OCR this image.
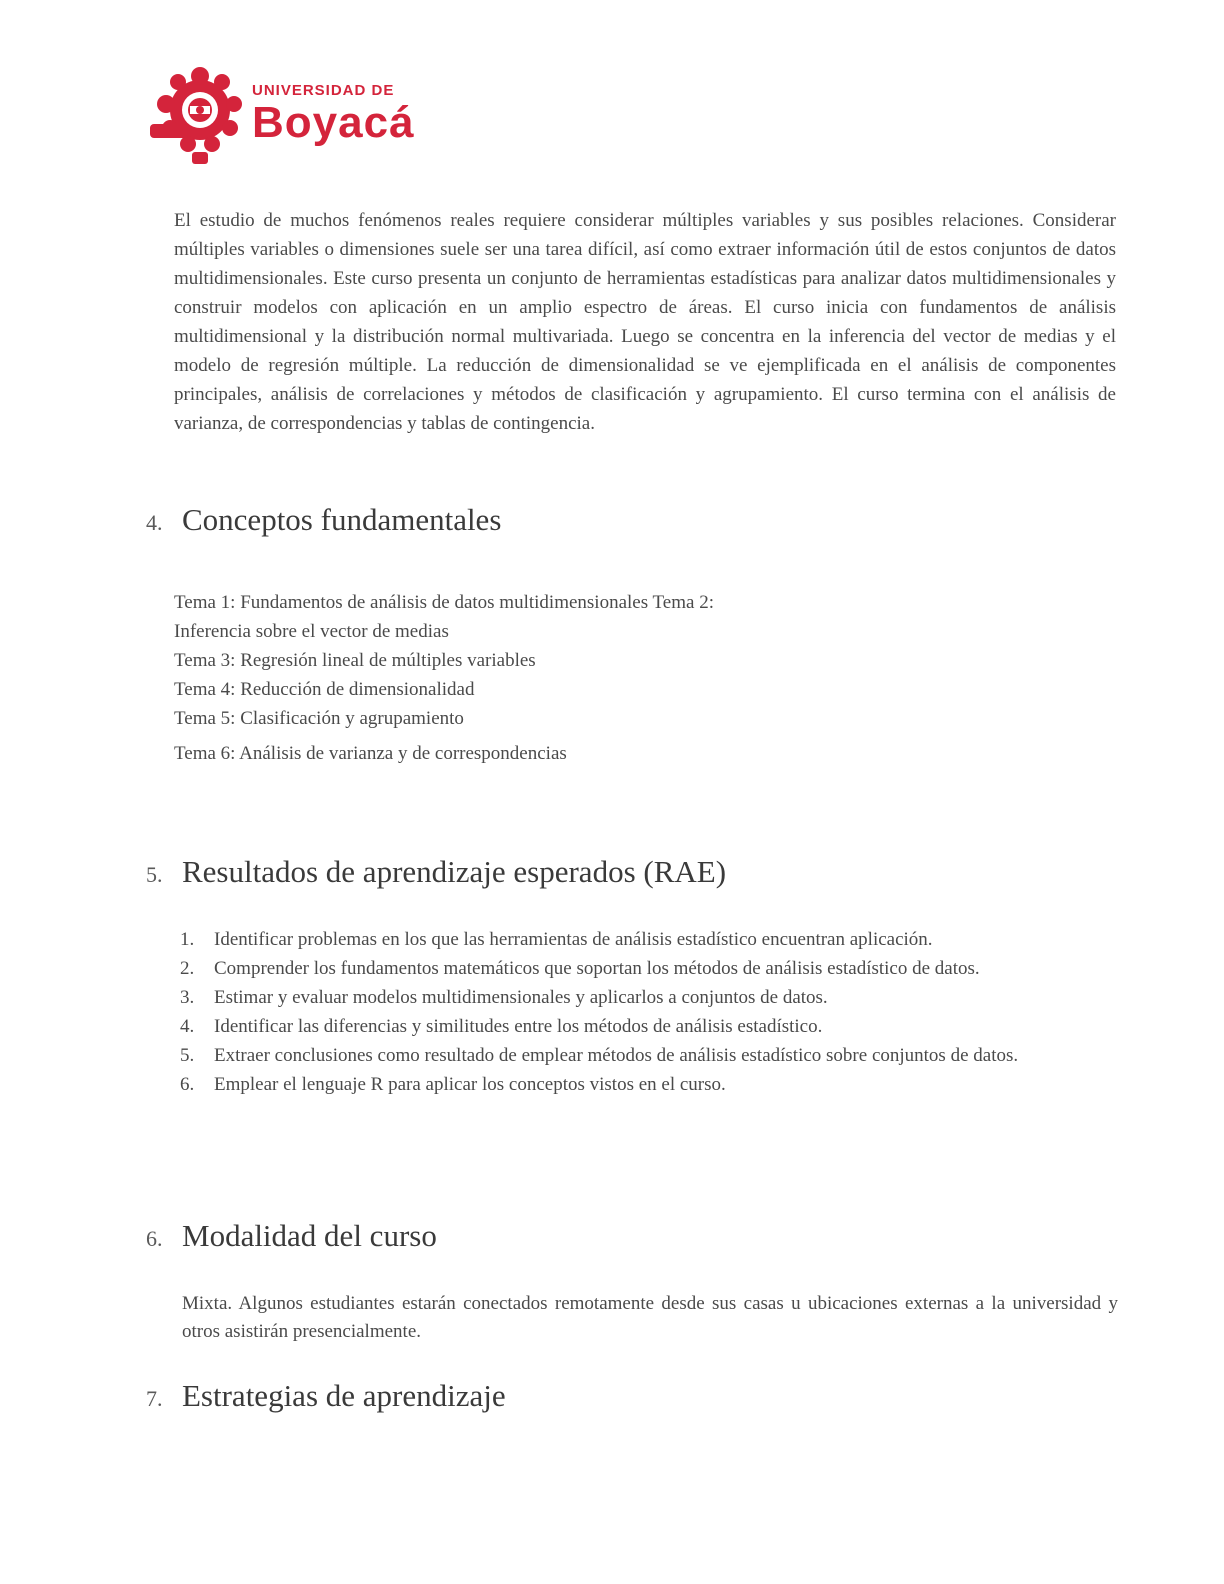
UNIVERSIDAD DE
Boyacá

El estudio de muchos fenómenos reales requiere considerar múltiples variables y sus posibles relaciones. Considerar múltiples variables o dimensiones suele ser una tarea difícil, así como extraer información útil de estos conjuntos de datos multidimensionales. Este curso presenta un conjunto de herramientas estadísticas para analizar datos multidimensionales y construir modelos con aplicación en un amplio espectro de áreas. El curso inicia con fundamentos de análisis multidimensional y la distribución normal multivariada. Luego se concentra en la inferencia del vector de medias y el modelo de regresión múltiple. La reducción de dimensionalidad se ve ejemplificada en el análisis de componentes principales, análisis de correlaciones y métodos de clasificación y agrupamiento. El curso termina con el análisis de varianza, de correspondencias y tablas de contingencia.

4. Conceptos fundamentales
Tema 1: Fundamentos de análisis de datos multidimensionales Tema 2:
Inferencia sobre el vector de medias
Tema 3: Regresión lineal de múltiples variables
Tema 4: Reducción de dimensionalidad
Tema 5: Clasificación y agrupamiento
Tema 6: Análisis de varianza y de correspondencias
5. Resultados de aprendizaje esperados (RAE)
1.	Identificar problemas en los que las herramientas de análisis estadístico encuentran aplicación.
2.	Comprender los fundamentos matemáticos que soportan los métodos de análisis estadístico de datos.
3.	Estimar y evaluar modelos multidimensionales y aplicarlos a conjuntos de datos.
4.	Identificar las diferencias y similitudes entre los métodos de análisis estadístico.
5.	Extraer conclusiones como resultado de emplear métodos de análisis estadístico sobre conjuntos de datos.
6.	Emplear el lenguaje R para aplicar los conceptos vistos en el curso.
6. Modalidad del curso

Mixta. Algunos estudiantes estarán conectados remotamente desde sus casas u ubicaciones externas a la universidad y otros asistirán presencialmente.

7. Estrategias de aprendizaje
